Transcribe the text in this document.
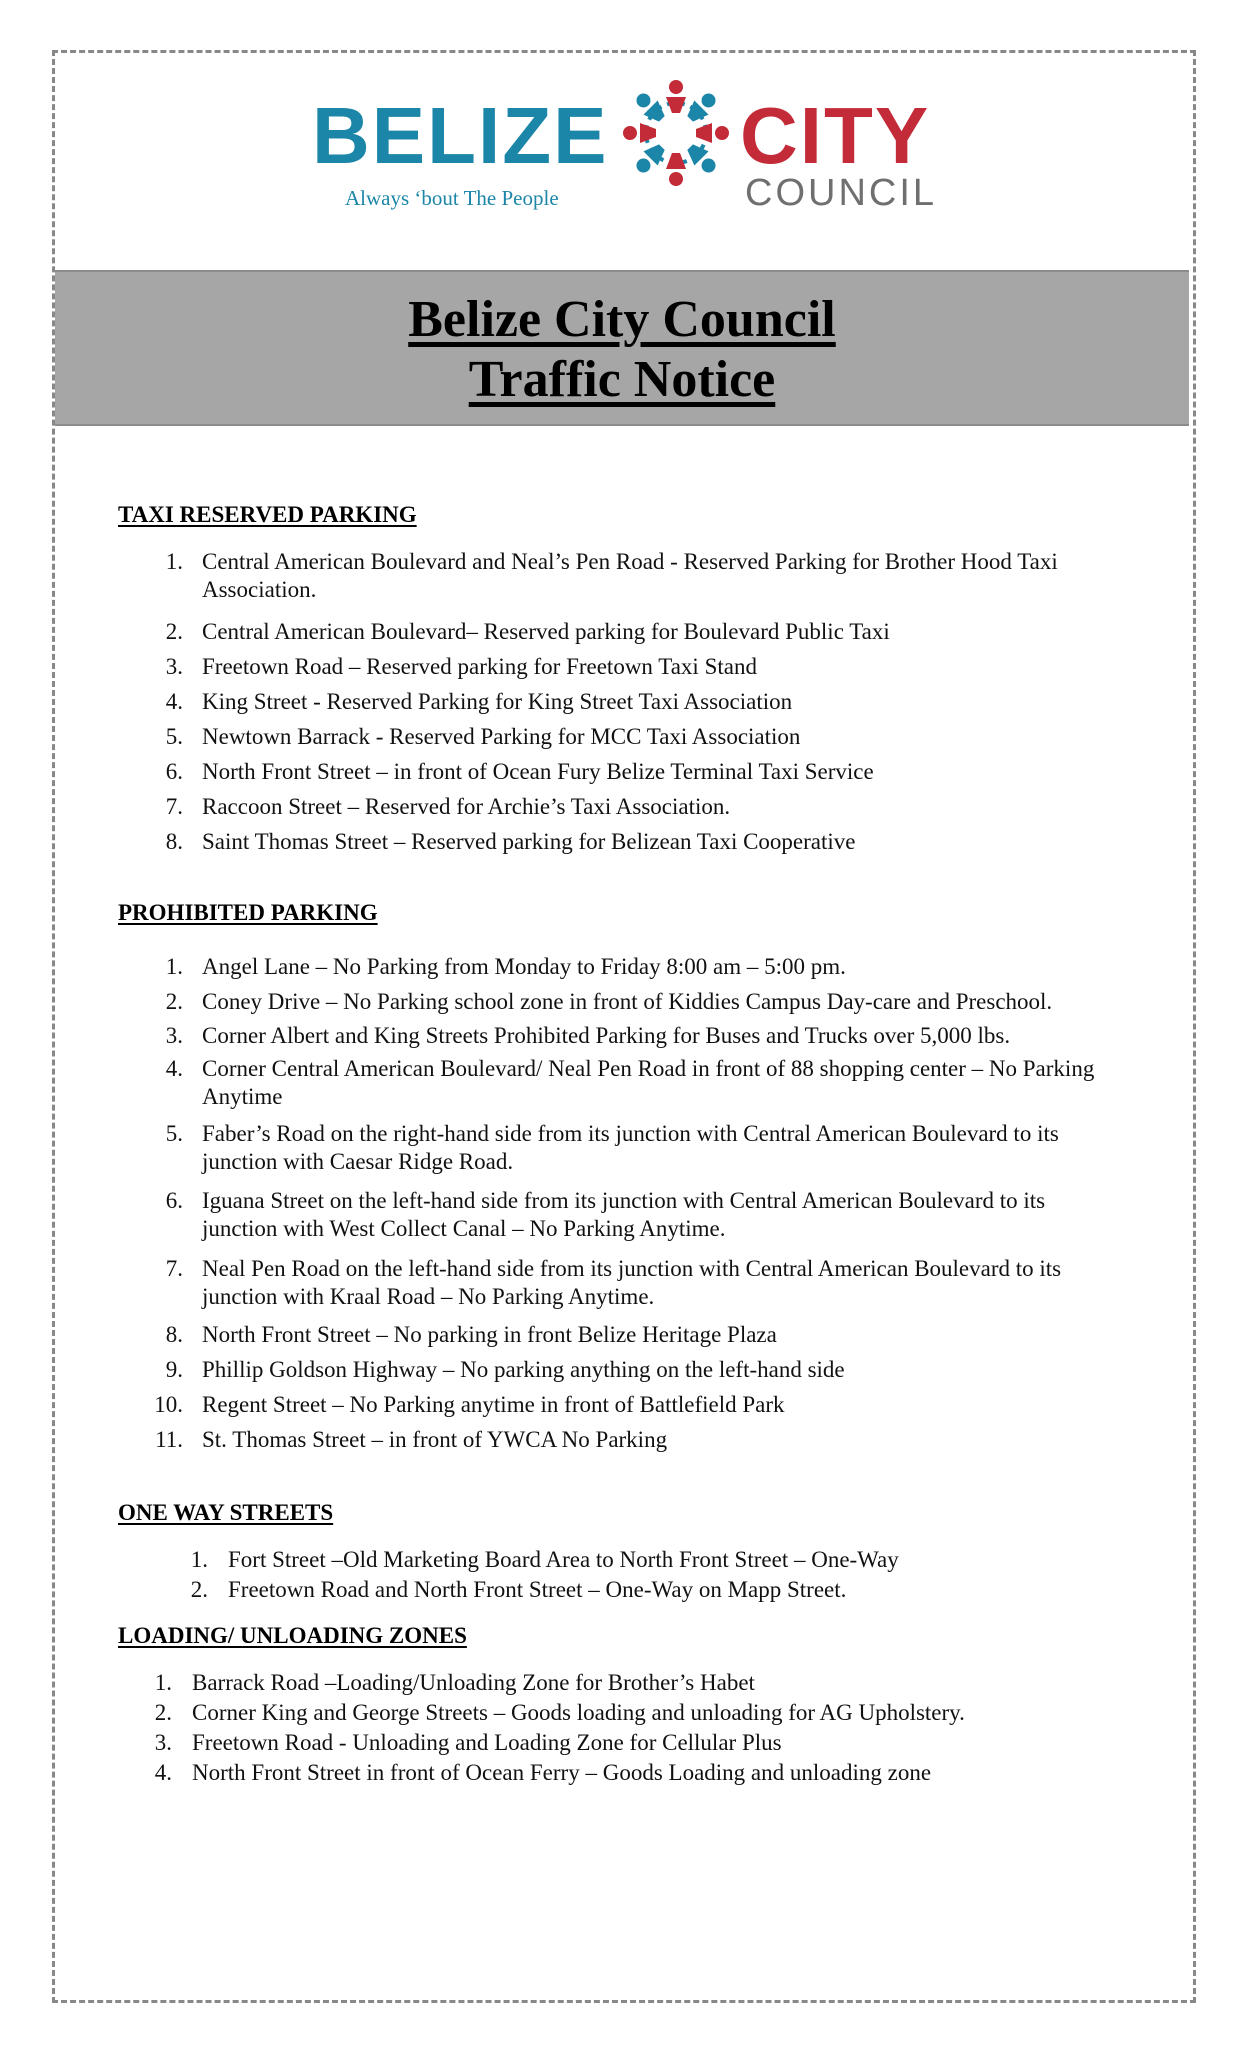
BELIZE CITY
COUNCIL
Always ‘bout The People
Belize City Council
Traffic Notice
TAXI RESERVED PARKING
1. Central American Boulevard and Neal’s Pen Road - Reserved Parking for Brother Hood Taxi
Association.
2. Central American Boulevard– Reserved parking for Boulevard Public Taxi
3. Freetown Road – Reserved parking for Freetown Taxi Stand
4. King Street - Reserved Parking for King Street Taxi Association
5. Newtown Barrack - Reserved Parking for MCC Taxi Association
6. North Front Street – in front of Ocean Fury Belize Terminal Taxi Service
7. Raccoon Street – Reserved for Archie’s Taxi Association.
8. Saint Thomas Street – Reserved parking for Belizean Taxi Cooperative
PROHIBITED PARKING
1. Angel Lane – No Parking from Monday to Friday 8:00 am – 5:00 pm.
2. Coney Drive – No Parking school zone in front of Kiddies Campus Day-care and Preschool.
3. Corner Albert and King Streets Prohibited Parking for Buses and Trucks over 5,000 lbs.
4. Corner Central American Boulevard/ Neal Pen Road in front of 88 shopping center – No Parking
Anytime
5. Faber’s Road on the right-hand side from its junction with Central American Boulevard to its
junction with Caesar Ridge Road.
6. Iguana Street on the left-hand side from its junction with Central American Boulevard to its
junction with West Collect Canal – No Parking Anytime.
7. Neal Pen Road on the left-hand side from its junction with Central American Boulevard to its
junction with Kraal Road – No Parking Anytime.
8. North Front Street – No parking in front Belize Heritage Plaza
9. Phillip Goldson Highway – No parking anything on the left-hand side
10. Regent Street – No Parking anytime in front of Battlefield Park
11. St. Thomas Street – in front of YWCA No Parking
ONE WAY STREETS
1. Fort Street –Old Marketing Board Area to North Front Street – One-Way
2. Freetown Road and North Front Street – One-Way on Mapp Street.
LOADING/ UNLOADING ZONES
1. Barrack Road –Loading/Unloading Zone for Brother’s Habet
2. Corner King and George Streets – Goods loading and unloading for AG Upholstery.
3. Freetown Road - Unloading and Loading Zone for Cellular Plus
4. North Front Street in front of Ocean Ferry – Goods Loading and unloading zone
